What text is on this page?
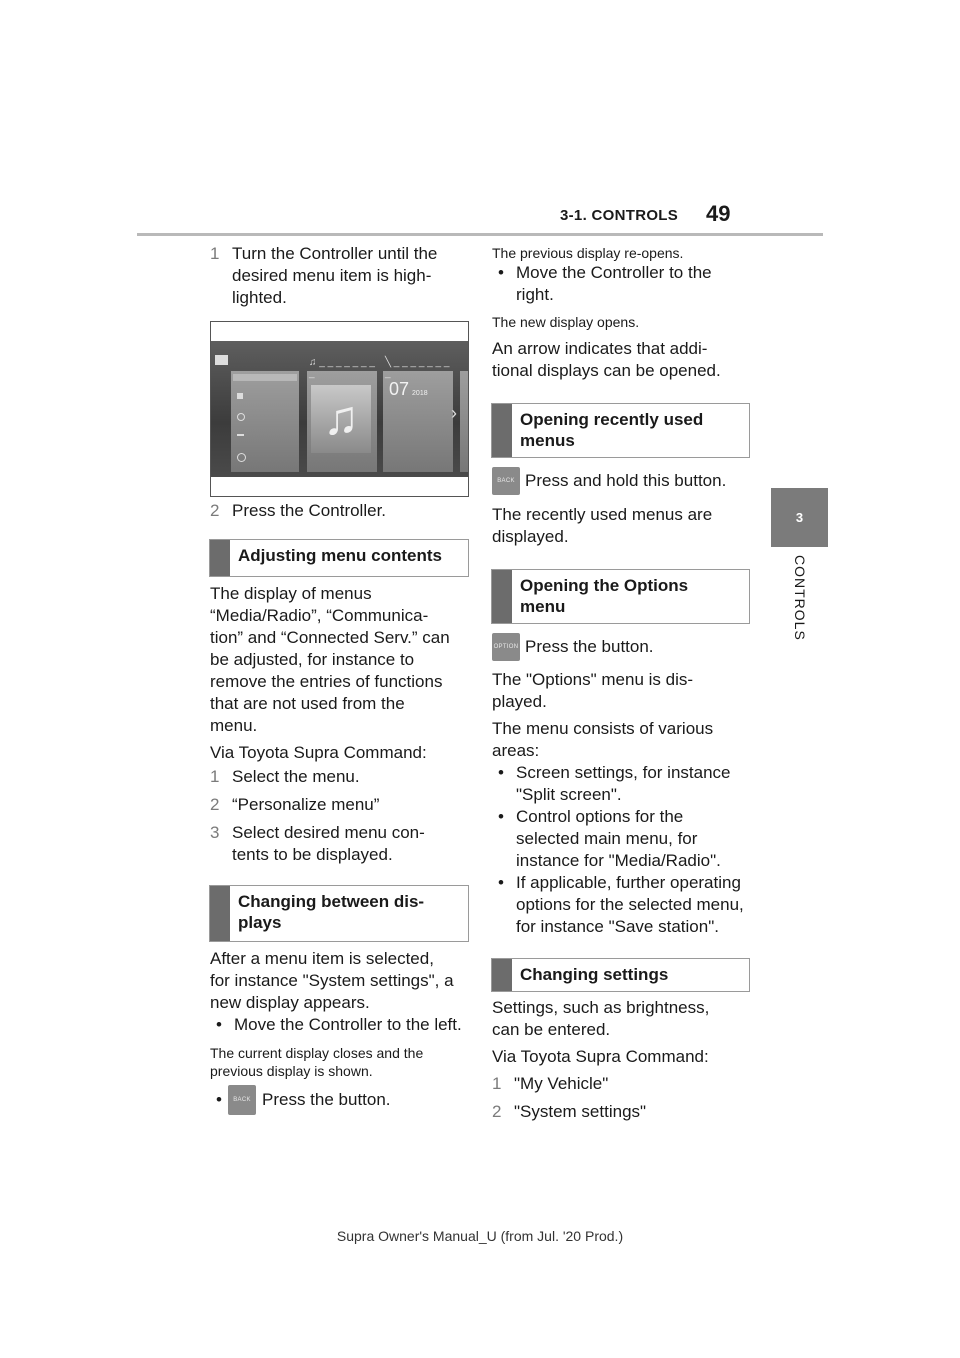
3-1. CONTROLS 49
3
CONTROLS
1 Turn the Controller until the
desired menu item is high-
lighted.
♫ _ _ _ _ _ _ _ _
♫
╲ _ _ _ _ _ _ _ _
07 2018
›
2 Press the Controller.
Adjusting menu contents
The display of menus
“Media/Radio”, “Communica-
tion” and “Connected Serv.” can
be adjusted, for instance to
remove the entries of functions
that are not used from the
menu.
Via Toyota Supra Command:
1 Select the menu.
2 “Personalize menu”
3 Select desired menu con-
tents to be displayed.
Changing between dis-
plays
After a menu item is selected,
for instance "System settings", a
new display appears.
• Move the Controller to the left.
The current display closes and the
previous display is shown.
•	BACK Press the button.
The previous display re-opens.
• Move the Controller to the
right.
The new display opens.
An arrow indicates that addi-
tional displays can be opened.
Opening recently used
menus
BACK Press and hold this button.
The recently used menus are
displayed.
Opening the Options
menu
OPTION Press the button.
The "Options" menu is dis-
played.
The menu consists of various
areas:
• Screen settings, for instance
"Split screen".
• Control options for the
selected main menu, for
instance for "Media/Radio".
• If applicable, further operating
options for the selected menu,
for instance "Save station".
Changing settings
Settings, such as brightness,
can be entered.
Via Toyota Supra Command:
1 "My Vehicle"
2 "System settings"
Supra Owner's Manual_U (from Jul. '20 Prod.)
